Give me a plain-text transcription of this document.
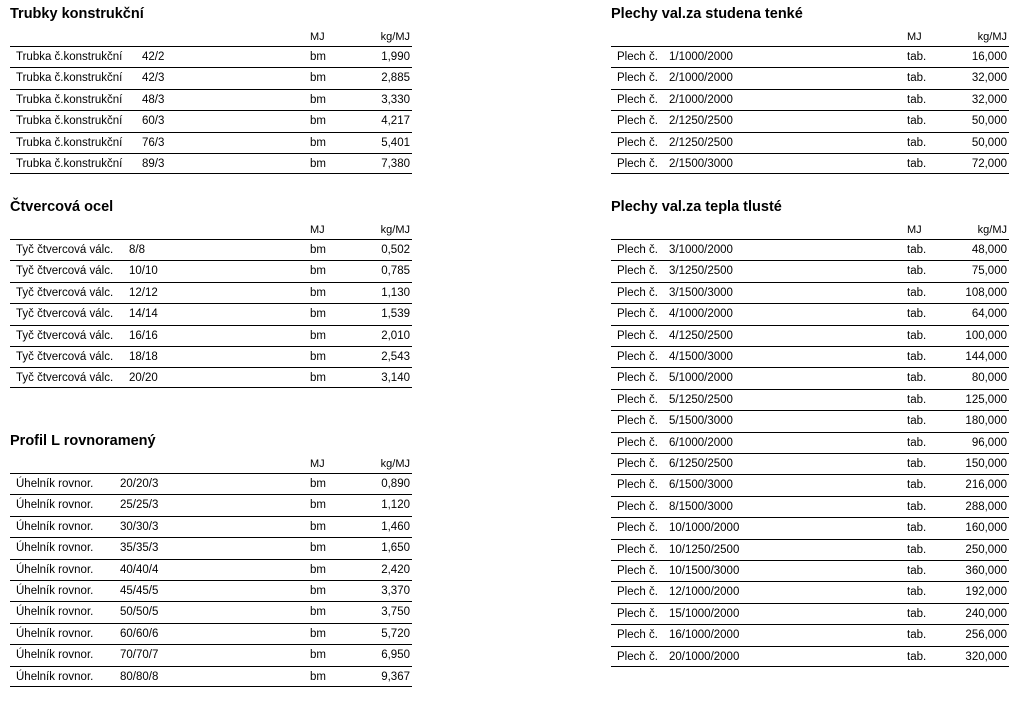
Trubky konstrukční
MJ	kg/MJ
Trubka č.konstrukční 42/2	bm	1,990
Trubka č.konstrukční 42/3	bm	2,885
Trubka č.konstrukční 48/3	bm	3,330
Trubka č.konstrukční 60/3	bm	4,217
Trubka č.konstrukční 76/3	bm	5,401
Trubka č.konstrukční 89/3	bm	7,380
Čtvercová ocel
MJ	kg/MJ
Tyč čtvercová válc. 8/8	bm	0,502
Tyč čtvercová válc. 10/10	bm	0,785
Tyč čtvercová válc. 12/12	bm	1,130
Tyč čtvercová válc. 14/14	bm	1,539
Tyč čtvercová válc. 16/16	bm	2,010
Tyč čtvercová válc. 18/18	bm	2,543
Tyč čtvercová válc. 20/20	bm	3,140
Profil L rovnoramený
MJ	kg/MJ
Úhelník rovnor. 20/20/3	bm	0,890
Úhelník rovnor. 25/25/3	bm	1,120
Úhelník rovnor. 30/30/3	bm	1,460
Úhelník rovnor. 35/35/3	bm	1,650
Úhelník rovnor. 40/40/4	bm	2,420
Úhelník rovnor. 45/45/5	bm	3,370
Úhelník rovnor. 50/50/5	bm	3,750
Úhelník rovnor. 60/60/6	bm	5,720
Úhelník rovnor. 70/70/7	bm	6,950
Úhelník rovnor. 80/80/8	bm	9,367
Plechy val.za studena tenké
MJ	kg/MJ
Plech č. 1/1000/2000	tab.	16,000
Plech č. 2/1000/2000	tab.	32,000
Plech č. 2/1000/2000	tab.	32,000
Plech č. 2/1250/2500	tab.	50,000
Plech č. 2/1250/2500	tab.	50,000
Plech č. 2/1500/3000	tab.	72,000
Plechy val.za tepla tlusté
MJ	kg/MJ
Plech č. 3/1000/2000	tab.	48,000
Plech č. 3/1250/2500	tab.	75,000
Plech č. 3/1500/3000	tab.	108,000
Plech č. 4/1000/2000	tab.	64,000
Plech č. 4/1250/2500	tab.	100,000
Plech č. 4/1500/3000	tab.	144,000
Plech č. 5/1000/2000	tab.	80,000
Plech č. 5/1250/2500	tab.	125,000
Plech č. 5/1500/3000	tab.	180,000
Plech č. 6/1000/2000	tab.	96,000
Plech č. 6/1250/2500	tab.	150,000
Plech č. 6/1500/3000	tab.	216,000
Plech č. 8/1500/3000	tab.	288,000
Plech č. 10/1000/2000	tab.	160,000
Plech č. 10/1250/2500	tab.	250,000
Plech č. 10/1500/3000	tab.	360,000
Plech č. 12/1000/2000	tab.	192,000
Plech č. 15/1000/2000	tab.	240,000
Plech č. 16/1000/2000	tab.	256,000
Plech č. 20/1000/2000	tab.	320,000
